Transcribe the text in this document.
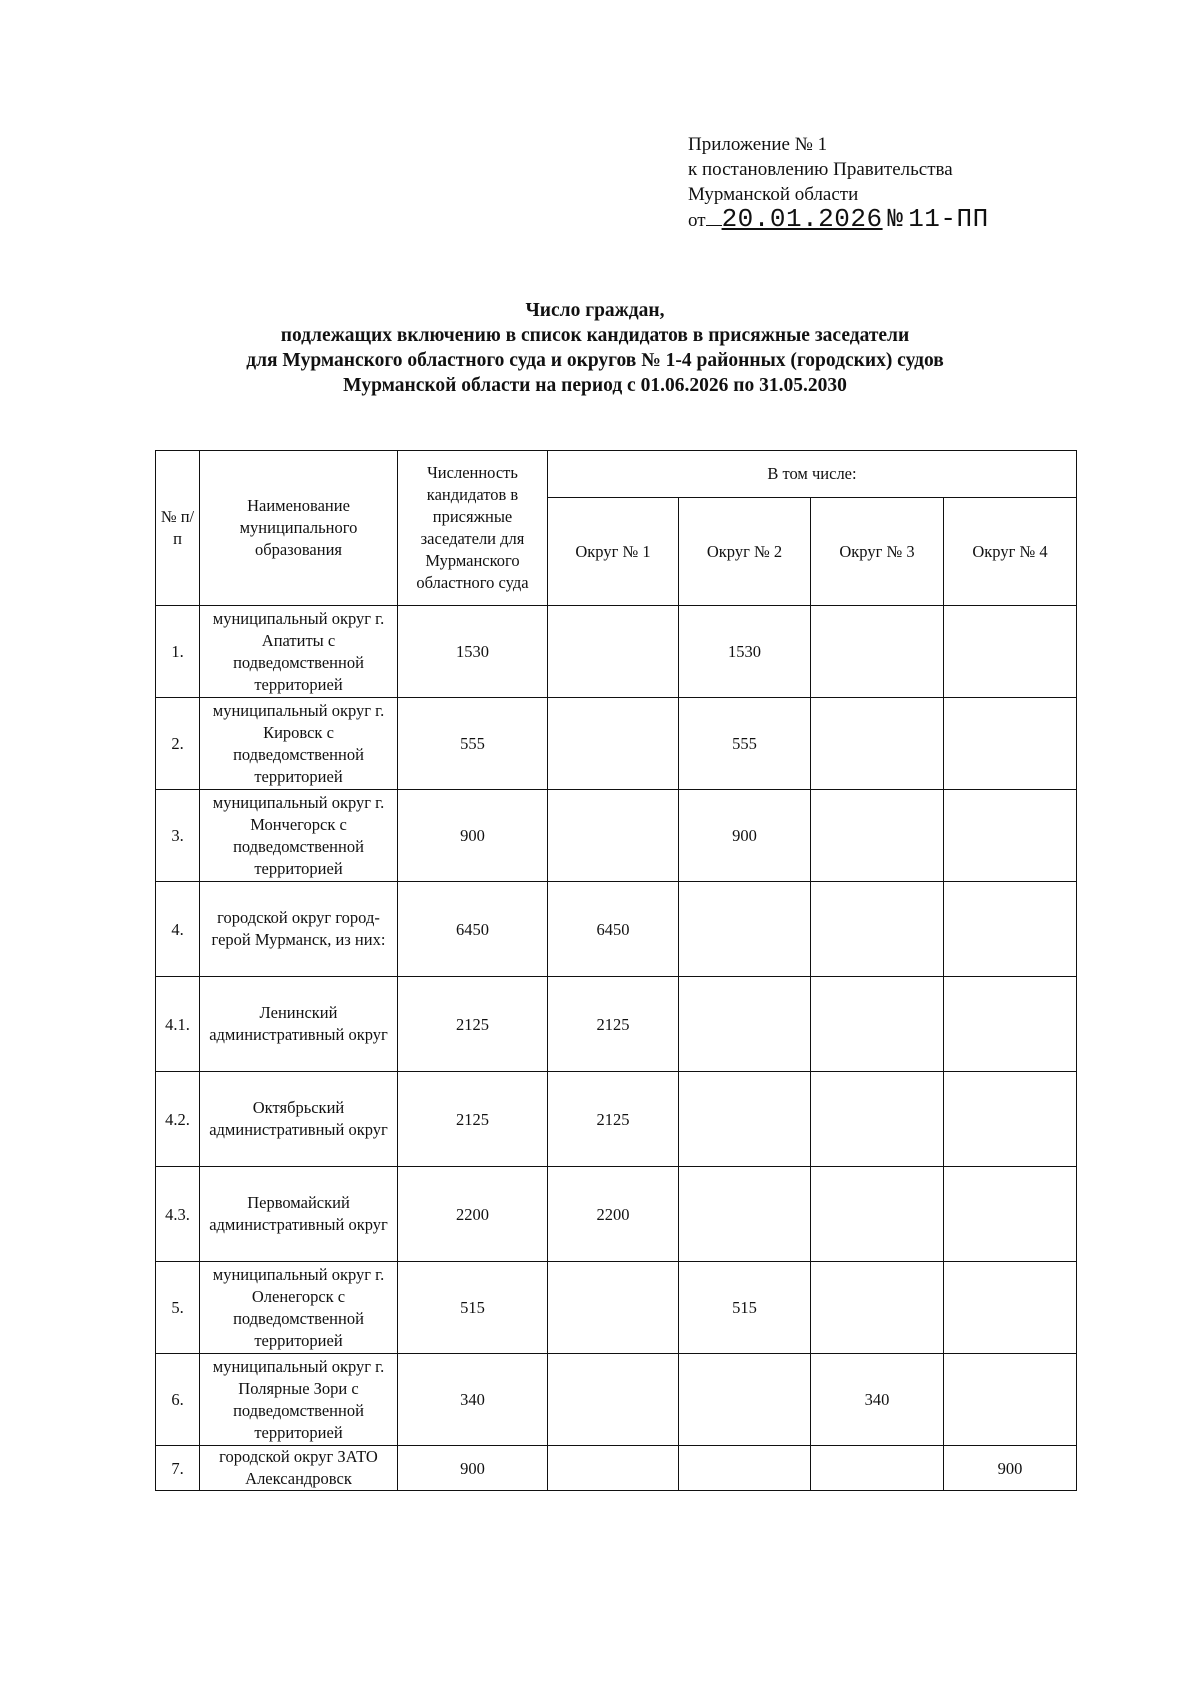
Приложение № 1
к постановлению Правительства
Мурманской области
от 20.01.2026 № 11-ПП
Число граждан,
подлежащих включению в список кандидатов в присяжные заседатели
для Мурманского областного суда и округов № 1-4 районных (городских) судов
Мурманской области на период с 01.06.2026 по 31.05.2030
№ п/п	Наименование муниципального образования	Численность кандидатов в присяжные заседатели для Мурманского областного суда	В том числе:			
			Округ № 1	Округ № 2	Округ № 3	Округ № 4
1.	муниципальный округ г. Апатиты с подведомственной территорией	1530		1530		
2.	муниципальный округ г. Кировск с подведомственной территорией	555		555		
3.	муниципальный округ г. Мончегорск с подведомственной территорией	900		900		
4.	городской округ город-герой Мурманск, из них:	6450	6450			
4.1.	Ленинский административный округ	2125	2125			
4.2.	Октябрьский административный округ	2125	2125			
4.3.	Первомайский административный округ	2200	2200			
5.	муниципальный округ г. Оленегорск с подведомственной территорией	515		515		
6.	муниципальный округ г. Полярные Зори с подведомственной территорией	340			340	
7.	городской округ ЗАТО Александровск	900				900
